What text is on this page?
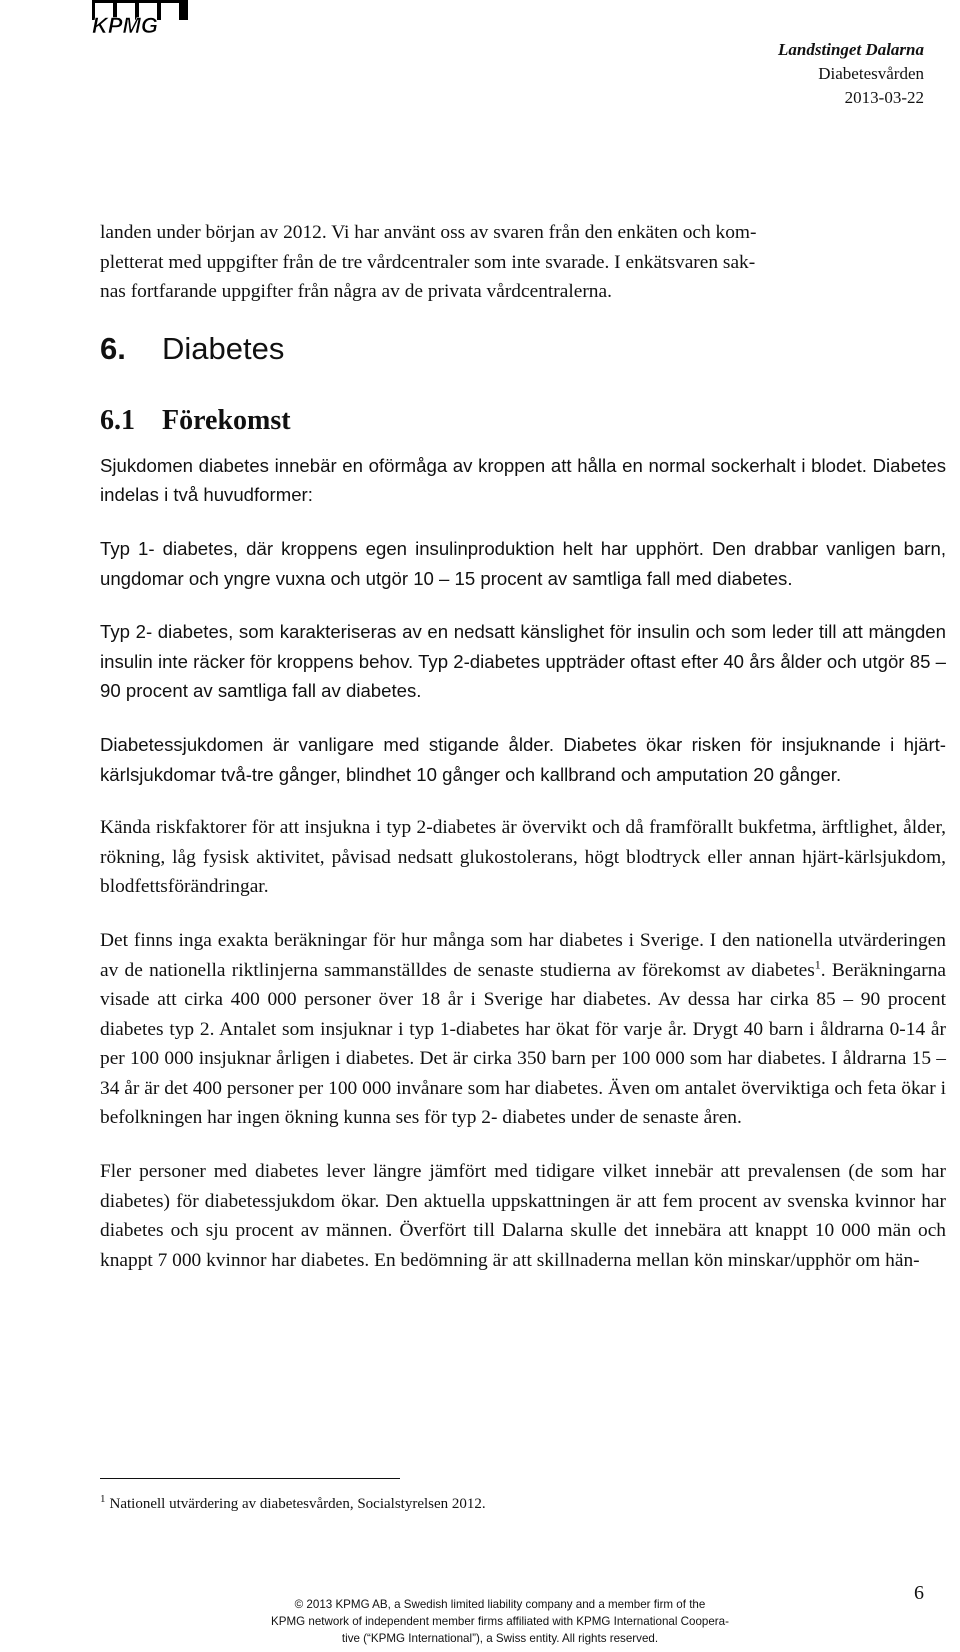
KPMG
Landstinget Dalarna
Diabetesvården
2013-03-22

landen under början av 2012. Vi har använt oss av svaren från den enkäten och kom-
pletterat med uppgifter från de tre vårdcentraler som inte svarade. I enkätsvaren sak-
nas fortfarande uppgifter från några av de privata vårdcentralerna.

6. Diabetes
6.1 Förekomst

Sjukdomen diabetes innebär en oförmåga av kroppen att hålla en normal sockerhalt i blodet. Diabetes indelas i två huvudformer:

Typ 1- diabetes, där kroppens egen insulinproduktion helt har upphört. Den drabbar vanligen barn, ungdomar och yngre vuxna och utgör 10 – 15 procent av samtliga fall med diabetes.

Typ 2- diabetes, som karakteriseras av en nedsatt känslighet för insulin och som leder till att mängden insulin inte räcker för kroppens behov. Typ 2-diabetes uppträder oftast efter 40 års ålder och utgör 85 – 90 procent av samtliga fall av diabetes.

Diabetessjukdomen är vanligare med stigande ålder. Diabetes ökar risken för insjuknande i hjärt-kärlsjukdomar två-tre gånger, blindhet 10 gånger och kallbrand och amputation 20 gånger.

Kända riskfaktorer för att insjukna i typ 2-diabetes är övervikt och då framförallt bukfetma, ärftlighet, ålder, rökning, låg fysisk aktivitet, påvisad nedsatt glukostolerans, högt blodtryck eller annan hjärt-kärlsjukdom, blodfettsförändringar.

Det finns inga exakta beräkningar för hur många som har diabetes i Sverige. I den nationella utvärderingen av de nationella riktlinjerna sammanställdes de senaste studierna av förekomst av diabetes$^1$. Beräkningarna visade att cirka 400 000 personer över 18 år i Sverige har diabetes. Av dessa har cirka 85 – 90 procent diabetes typ 2. Antalet som insjuknar i typ 1-diabetes har ökat för varje år. Drygt 40 barn i åldrarna 0-14 år per 100 000 insjuknar årligen i diabetes. Det är cirka 350 barn per 100 000 som har diabetes. I åldrarna 15 – 34 år är det 400 personer per 100 000 invånare som har diabetes. Även om antalet överviktiga och feta ökar i befolkningen har ingen ökning kunna ses för typ 2- diabetes under de senaste åren.

Fler personer med diabetes lever längre jämfört med tidigare vilket innebär att prevalensen (de som har diabetes) för diabetessjukdom ökar. Den aktuella uppskattningen är att fem procent av svenska kvinnor har diabetes och sju procent av männen. Överfört till Dalarna skulle det innebära att knappt 10 000 män och knappt 7 000 kvinnor har diabetes. En bedömning är att skillnaderna mellan kön minskar/upphör om hän-

$^1$ Nationell utvärdering av diabetesvården, Socialstyrelsen 2012.
6
© 2013 KPMG AB, a Swedish limited liability company and a member firm of the
KPMG network of independent member firms affiliated with KPMG International Coopera-
tive (“KPMG International”), a Swiss entity. All rights reserved.
